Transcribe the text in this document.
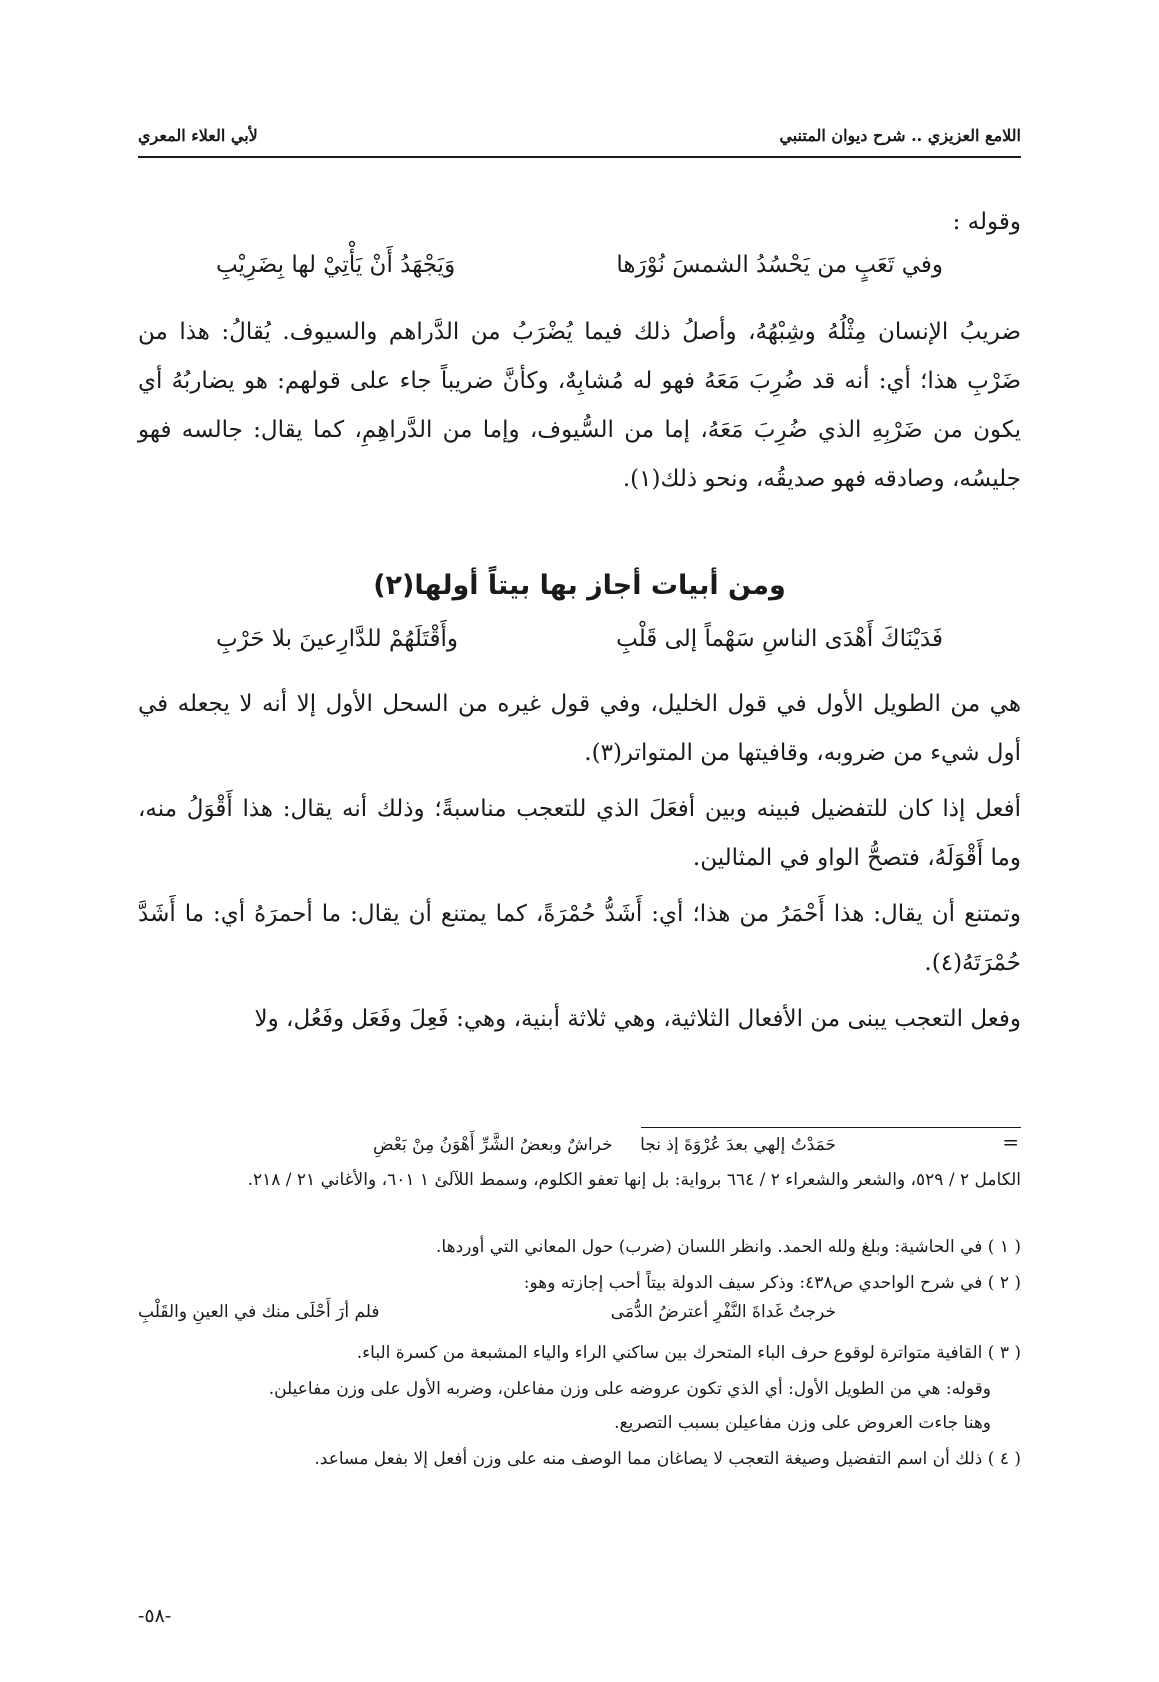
اللامع العزيزي .. شرح ديوان المتنبي
لأبي العلاء المعري
وقوله :
وفي تَعَبٍ من يَحْسُدُ الشمسَ نُوْرَها
وَيَجْهَدُ أَنْ يَأْتِيْ لها بِضَرِيْبِ
ضريبُ الإنسان مِثْلُهُ وشِبْهُهُ، وأصلُ ذلك فيما يُضْرَبُ من الدَّراهم والسيوف. يُقالُ: هذا من ضَرْبِ هذا؛ أي: أنه قد ضُرِبَ مَعَهُ فهو له مُشابِهٌ، وكأنَّ ضريباً جاء على قولهم: هو يضاربُهُ أي يكون من ضَرْبِهِ الذي ضُرِبَ مَعَهُ، إما من السُّيوف، وإما من الدَّراهِمِ، كما يقال: جالسه فهو جليسُه، وصادقه فهو صديقُه، ونحو ذلك(١).
ومن أبيات أجاز بها بيتاً أولها(٢)
فَدَيْنَاكَ أَهْدَى الناسِ سَهْماً إلى قَلْبِ
وأَقْتَلَهُمْ للدَّارِعينَ بلا حَرْبِ
هي من الطويل الأول في قول الخليل، وفي قول غيره من السحل الأول إلا أنه لا يجعله في أول شيء من ضروبه، وقافيتها من المتواتر(٣).
أفعل إذا كان للتفضيل فبينه وبين أفعَلَ الذي للتعجب مناسبةً؛ وذلك أنه يقال: هذا أَقْوَلُ منه، وما أَقْوَلَهُ، فتصحُّ الواو في المثالين.
وتمتنع أن يقال: هذا أَحْمَرُ من هذا؛ أي: أَشَدُّ حُمْرَةً، كما يمتنع أن يقال: ما أحمرَهُ أي: ما أَشَدَّ حُمْرَتَهُ(٤).
وفعل التعجب يبنى من الأفعال الثلاثية، وهي ثلاثة أبنية، وهي: فَعِلَ وفَعَل وفَعُل، ولا
=
حَمَدْتُ إلهي بعدَ عُرْوَةَ إذ نجا
خراشٌ وبعضُ الشَّرِّ أَهْوَنُ مِنْ بَعْضِ
الكامل ٢ / ٥٢٩، والشعر والشعراء ٢ / ٦٦٤ برواية: بل إنها تعفو الكلوم، وسمط اللآلئ ١ ٦٠١، والأغاني ٢١ / ٢١٨.
( ١ ) في الحاشية: وبلغ ولله الحمد. وانظر اللسان (ضرب) حول المعاني التي أوردها.
( ٢ ) في شرح الواحدي ص٤٣٨: وذكر سيف الدولة بيتاً أحب إجازته وهو:
خرجتُ غَداةَ النَّفْرِ أعترضُ الدُّمَى
فلم أرَ أَحْلَى منك في العينِ والقَلْبِ
( ٣ ) القافية متواترة لوقوع حرف الباء المتحرك بين ساكني الراء والياء المشبعة من كسرة الباء.
وقوله: هي من الطويل الأول: أي الذي تكون عروضه على وزن مفاعلن، وضربه الأول على وزن مفاعيلن.
وهنا جاءت العروض على وزن مفاعيلن بسبب التصريع.
( ٤ ) ذلك أن اسم التفضيل وصيغة التعجب لا يصاغان مما الوصف منه على وزن أفعل إلا بفعل مساعد.
-٥٨-
